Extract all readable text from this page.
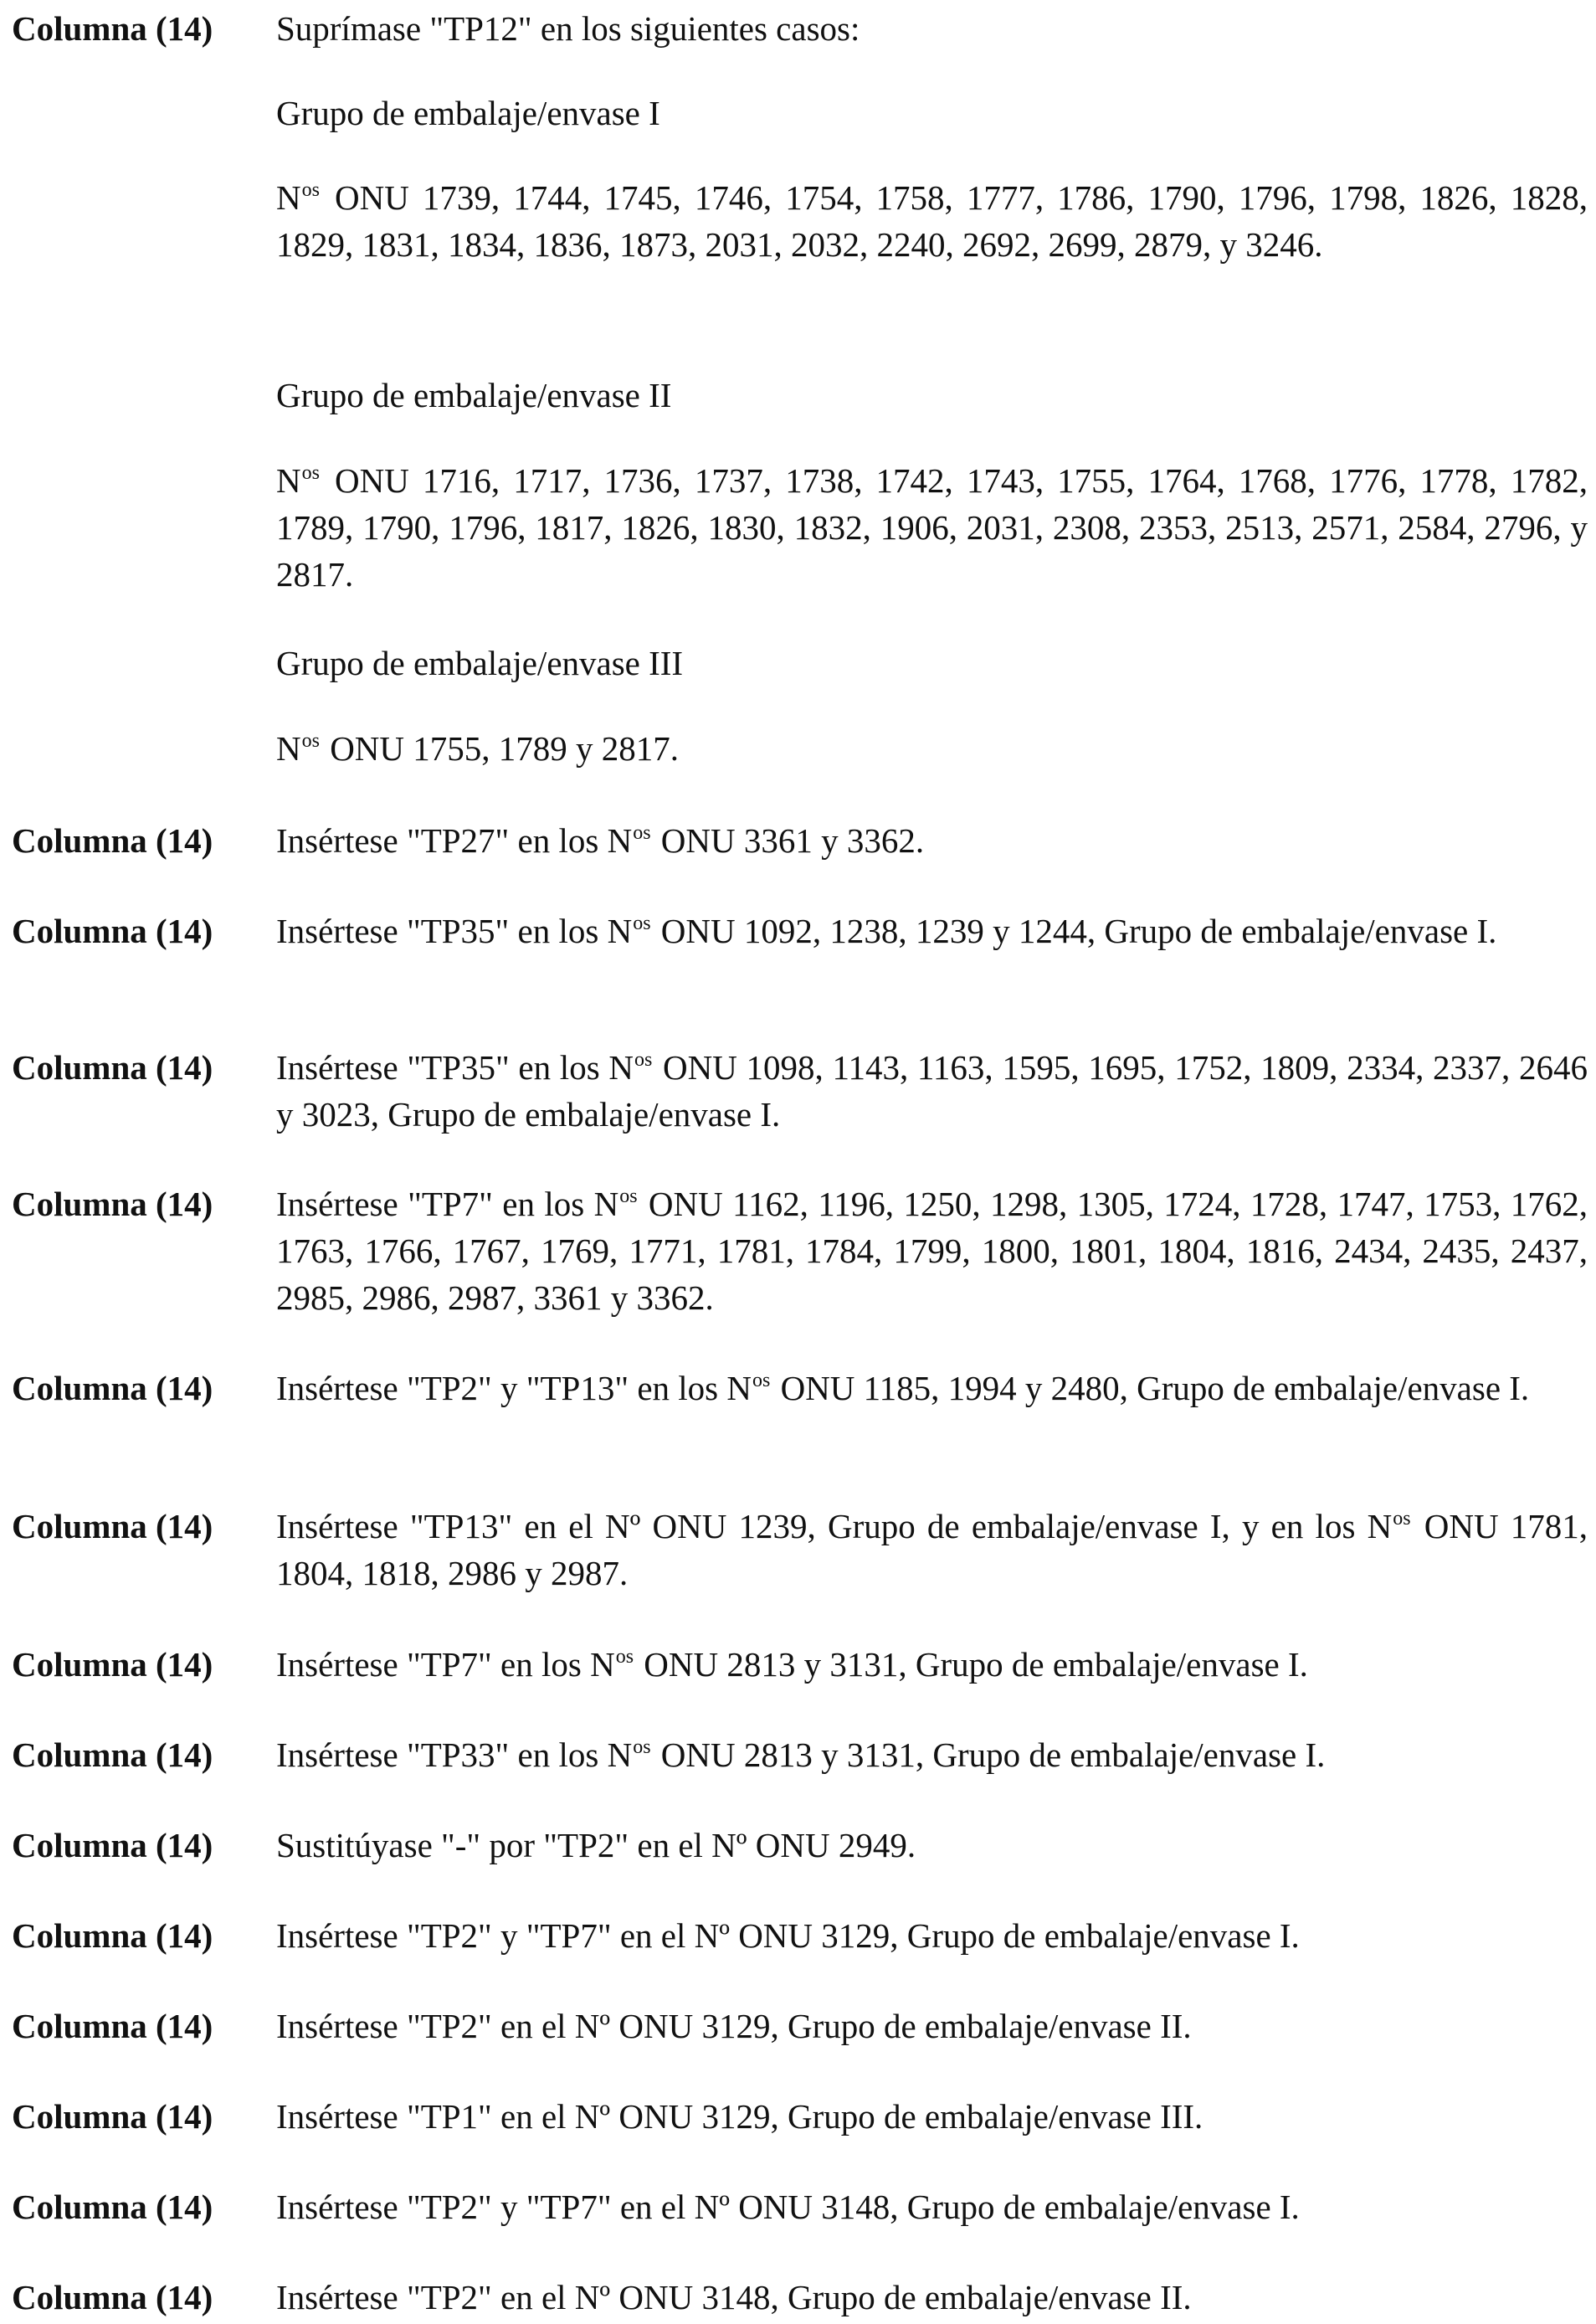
Columna (14)	Suprímase "TP12" en los siguientes casos:
Grupo de embalaje/envase I
$N^{os}$ ONU 1739, 1744, 1745, 1746, 1754, 1758, 1777, 1786, 1790, 1796, 1798, 1826, 1828, 1829, 1831, 1834, 1836, 1873, 2031, 2032, 2240, 2692, 2699, 2879, y 3246.
Grupo de embalaje/envase II
$N^{os}$ ONU 1716, 1717, 1736, 1737, 1738, 1742, 1743, 1755, 1764, 1768, 1776, 1778, 1782, 1789, 1790, 1796, 1817, 1826, 1830, 1832, 1906, 2031, 2308, 2353, 2513, 2571, 2584, 2796, y 2817.
Grupo de embalaje/envase III
$N^{os}$ ONU 1755, 1789 y 2817.
Columna (14)	Insértese "TP27" en los $N^{os}$ ONU 3361 y 3362.
Columna (14)	Insértese "TP35" en los $N^{os}$ ONU 1092, 1238, 1239 y 1244, Grupo de embalaje/envase I.
Columna (14)	Insértese "TP35" en los $N^{os}$ ONU 1098, 1143, 1163, 1595, 1695, 1752, 1809, 2334, 2337, 2646 y 3023, Grupo de embalaje/envase I.
Columna (14)	Insértese "TP7" en los $N^{os}$ ONU 1162, 1196, 1250, 1298, 1305, 1724, 1728, 1747, 1753, 1762, 1763, 1766, 1767, 1769, 1771, 1781, 1784, 1799, 1800, 1801, 1804, 1816, 2434, 2435, 2437, 2985, 2986, 2987, 3361 y 3362.
Columna (14)	Insértese "TP2" y "TP13" en los $N^{os}$ ONU 1185, 1994 y 2480, Grupo de embalaje/envase I.
Columna (14)	Insértese "TP13" en el Nº ONU 1239, Grupo de embalaje/envase I, y en los $N^{os}$ ONU 1781, 1804, 1818, 2986 y 2987.
Columna (14)	Insértese "TP7" en los $N^{os}$ ONU 2813 y 3131, Grupo de embalaje/envase I.
Columna (14)	Insértese "TP33" en los $N^{os}$ ONU 2813 y 3131, Grupo de embalaje/envase I.
Columna (14)	Sustitúyase "-" por "TP2" en el Nº ONU 2949.
Columna (14)	Insértese "TP2" y "TP7" en el Nº ONU 3129, Grupo de embalaje/envase I.
Columna (14)	Insértese "TP2" en el Nº ONU 3129, Grupo de embalaje/envase II.
Columna (14)	Insértese "TP1" en el Nº ONU 3129, Grupo de embalaje/envase III.
Columna (14)	Insértese "TP2" y "TP7" en el Nº ONU 3148, Grupo de embalaje/envase I.
Columna (14)	Insértese "TP2" en el Nº ONU 3148, Grupo de embalaje/envase II.
